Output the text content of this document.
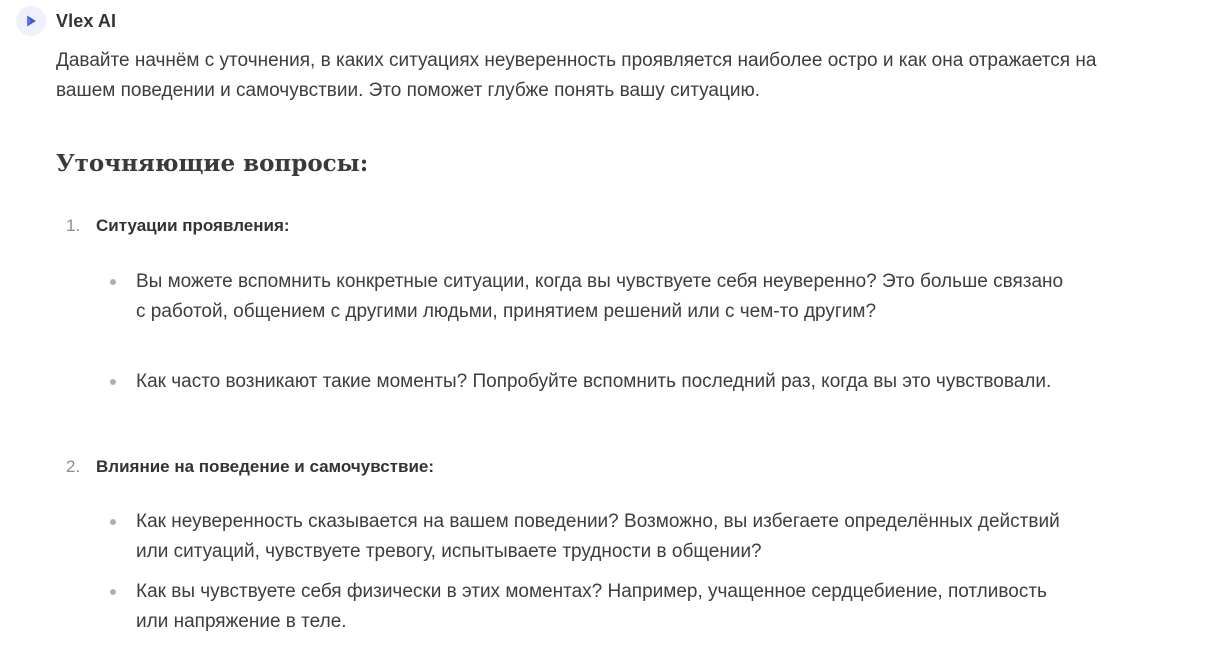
Vlex AI

Давайте начнём с уточнения, в каких ситуациях неуверенность проявляется наиболее остро и как она отражается на вашем поведении и самочувствии. Это поможет глубже понять вашу ситуацию.

Уточняющие вопросы:
1. Ситуации проявления:

Вы можете вспомнить конкретные ситуации, когда вы чувствуете себя неуверенно? Это больше связано с работой, общением с другими людьми, принятием решений или с чем-то другим?

Как часто возникают такие моменты? Попробуйте вспомнить последний раз, когда вы это чувствовали.

2. Влияние на поведение и самочувствие:

Как неуверенность сказывается на вашем поведении? Возможно, вы избегаете определённых действий или ситуаций, чувствуете тревогу, испытываете трудности в общении?

Как вы чувствуете себя физически в этих моментах? Например, учащенное сердцебиение, потливость или напряжение в теле.
